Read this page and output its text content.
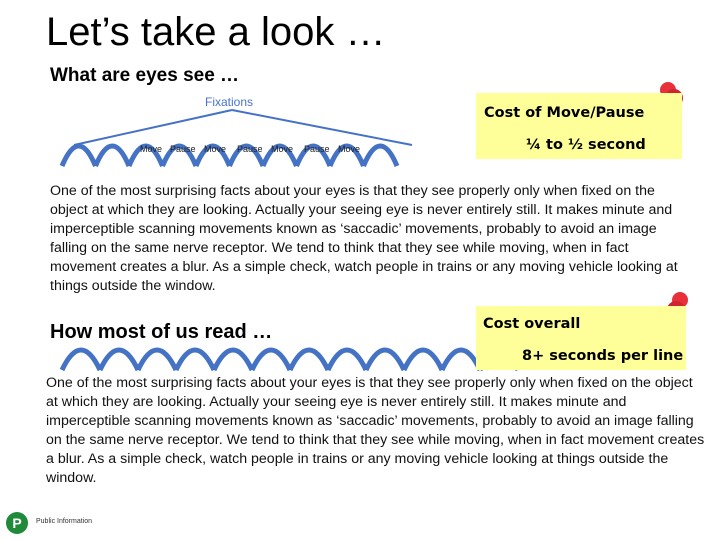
Let’s take a look …
What are eyes see …
Fixations
Move Pause Move Pause Move Pause Move
Cost of Move/Pause
¼ to ½ second
One of the most surprising facts about your eyes is that they see properly only when fixed on the object at which they are looking. Actually your seeing eye is never entirely still. It makes minute and imperceptible scanning movements known as ‘saccadic’ movements, probably to avoid an image falling on the same nerve receptor. We tend to think that they see while moving, when in fact movement creates a blur. As a simple check, watch people in trains or any moving vehicle looking at things outside the window.
How most of us read …	Cost overall
8+ seconds per line
One of the most surprising facts about your eyes is that they see properly only when fixed on the object at which they are looking. Actually your seeing eye is never entirely still. It makes minute and imperceptible scanning movements known as ‘saccadic’ movements, probably to avoid an image falling on the same nerve receptor. We tend to think that they see while moving, when in fact movement creates a blur. As a simple check, watch people in trains or any moving vehicle looking at things outside the window.
P	Public Information
